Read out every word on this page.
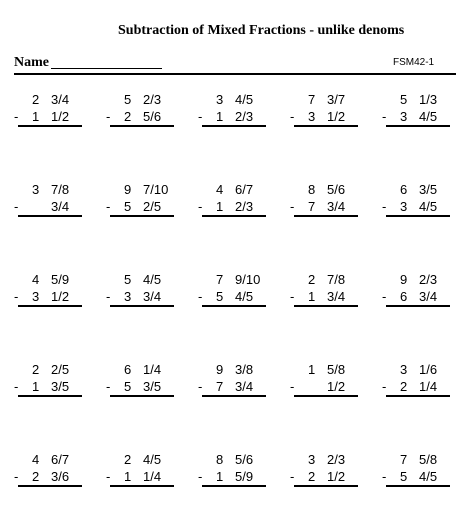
Subtraction of Mixed Fractions - unlike denoms
Name	FSM42-1
2 3/4
- 1 1/2
5 2/3
- 2 5/6
3 4/5
- 1 2/3
7 3/7
- 3 1/2
5 1/3
- 3 4/5
3 7/8
-	3/4
9 7/10
- 5 2/5
4 6/7
- 1 2/3
8 5/6
- 7 3/4
6 3/5
- 3 4/5
4 5/9
- 3 1/2
5 4/5
- 3 3/4
7 9/10
- 5 4/5
2 7/8
- 1 3/4
9 2/3
- 6 3/4
2 2/5
- 1 3/5
6 1/4
- 5 3/5
9 3/8
- 7 3/4
1 5/8
-	1/2
3 1/6
- 2 1/4
4 6/7
- 2 3/6
2 4/5
- 1 1/4
8 5/6
- 1 5/9
3 2/3
- 2 1/2
7 5/8
- 5 4/5
